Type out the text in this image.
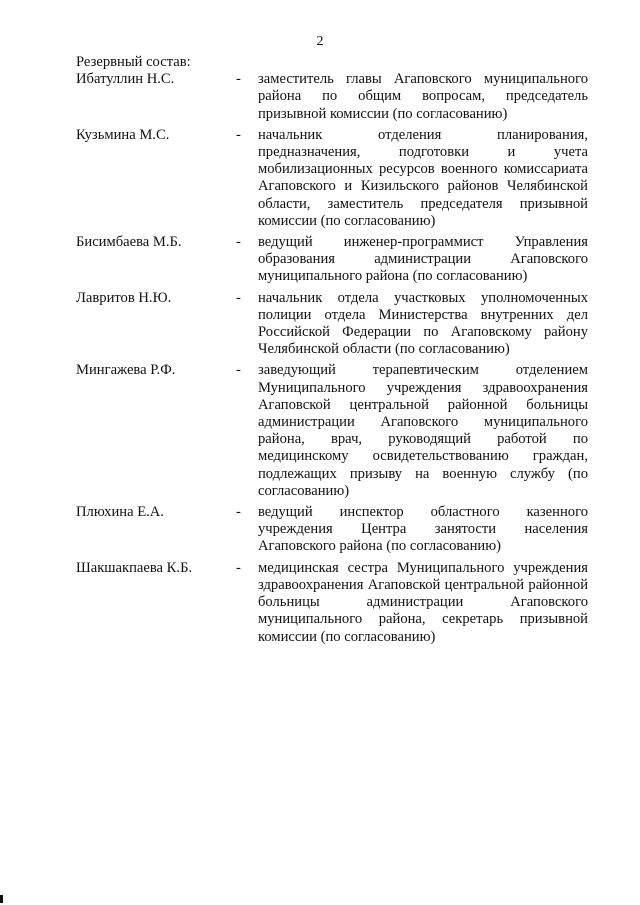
2

Резервный состав:

Ибатуллин Н.С.	-	заместитель главы Агаповского муниципального района по общим вопросам, председатель призывной комиссии (по согласованию)
Кузьмина М.С.	-	начальник отделения планирования, предназначения, подготовки и учета мобилизационных ресурсов военного комиссариата Агаповского и Кизильского районов Челябинской области, заместитель председателя призывной комиссии (по согласованию)
Бисимбаева М.Б.	-	ведущий инженер-программист Управления образования администрации Агаповского муниципального района (по согласованию)
Лавритов Н.Ю.	-	начальник отдела участковых уполномоченных полиции отдела Министерства внутренних дел Российской Федерации по Агаповскому району Челябинской области (по согласованию)
Мингажева Р.Ф.	-	заведующий терапевтическим отделением Муниципального учреждения здравоохранения Агаповской центральной районной больницы администрации Агаповского муниципального района, врач, руководящий работой по медицинскому освидетельствованию граждан, подлежащих призыву на военную службу (по согласованию)
Плюхина Е.А.	-	ведущий инспектор областного казенного учреждения Центра занятости населения Агаповского района (по согласованию)
Шакшакпаева К.Б.	-	медицинская сестра Муниципального учреждения здравоохранения Агаповской центральной районной больницы администрации Агаповского муниципального района, секретарь призывной комиссии (по согласованию)
